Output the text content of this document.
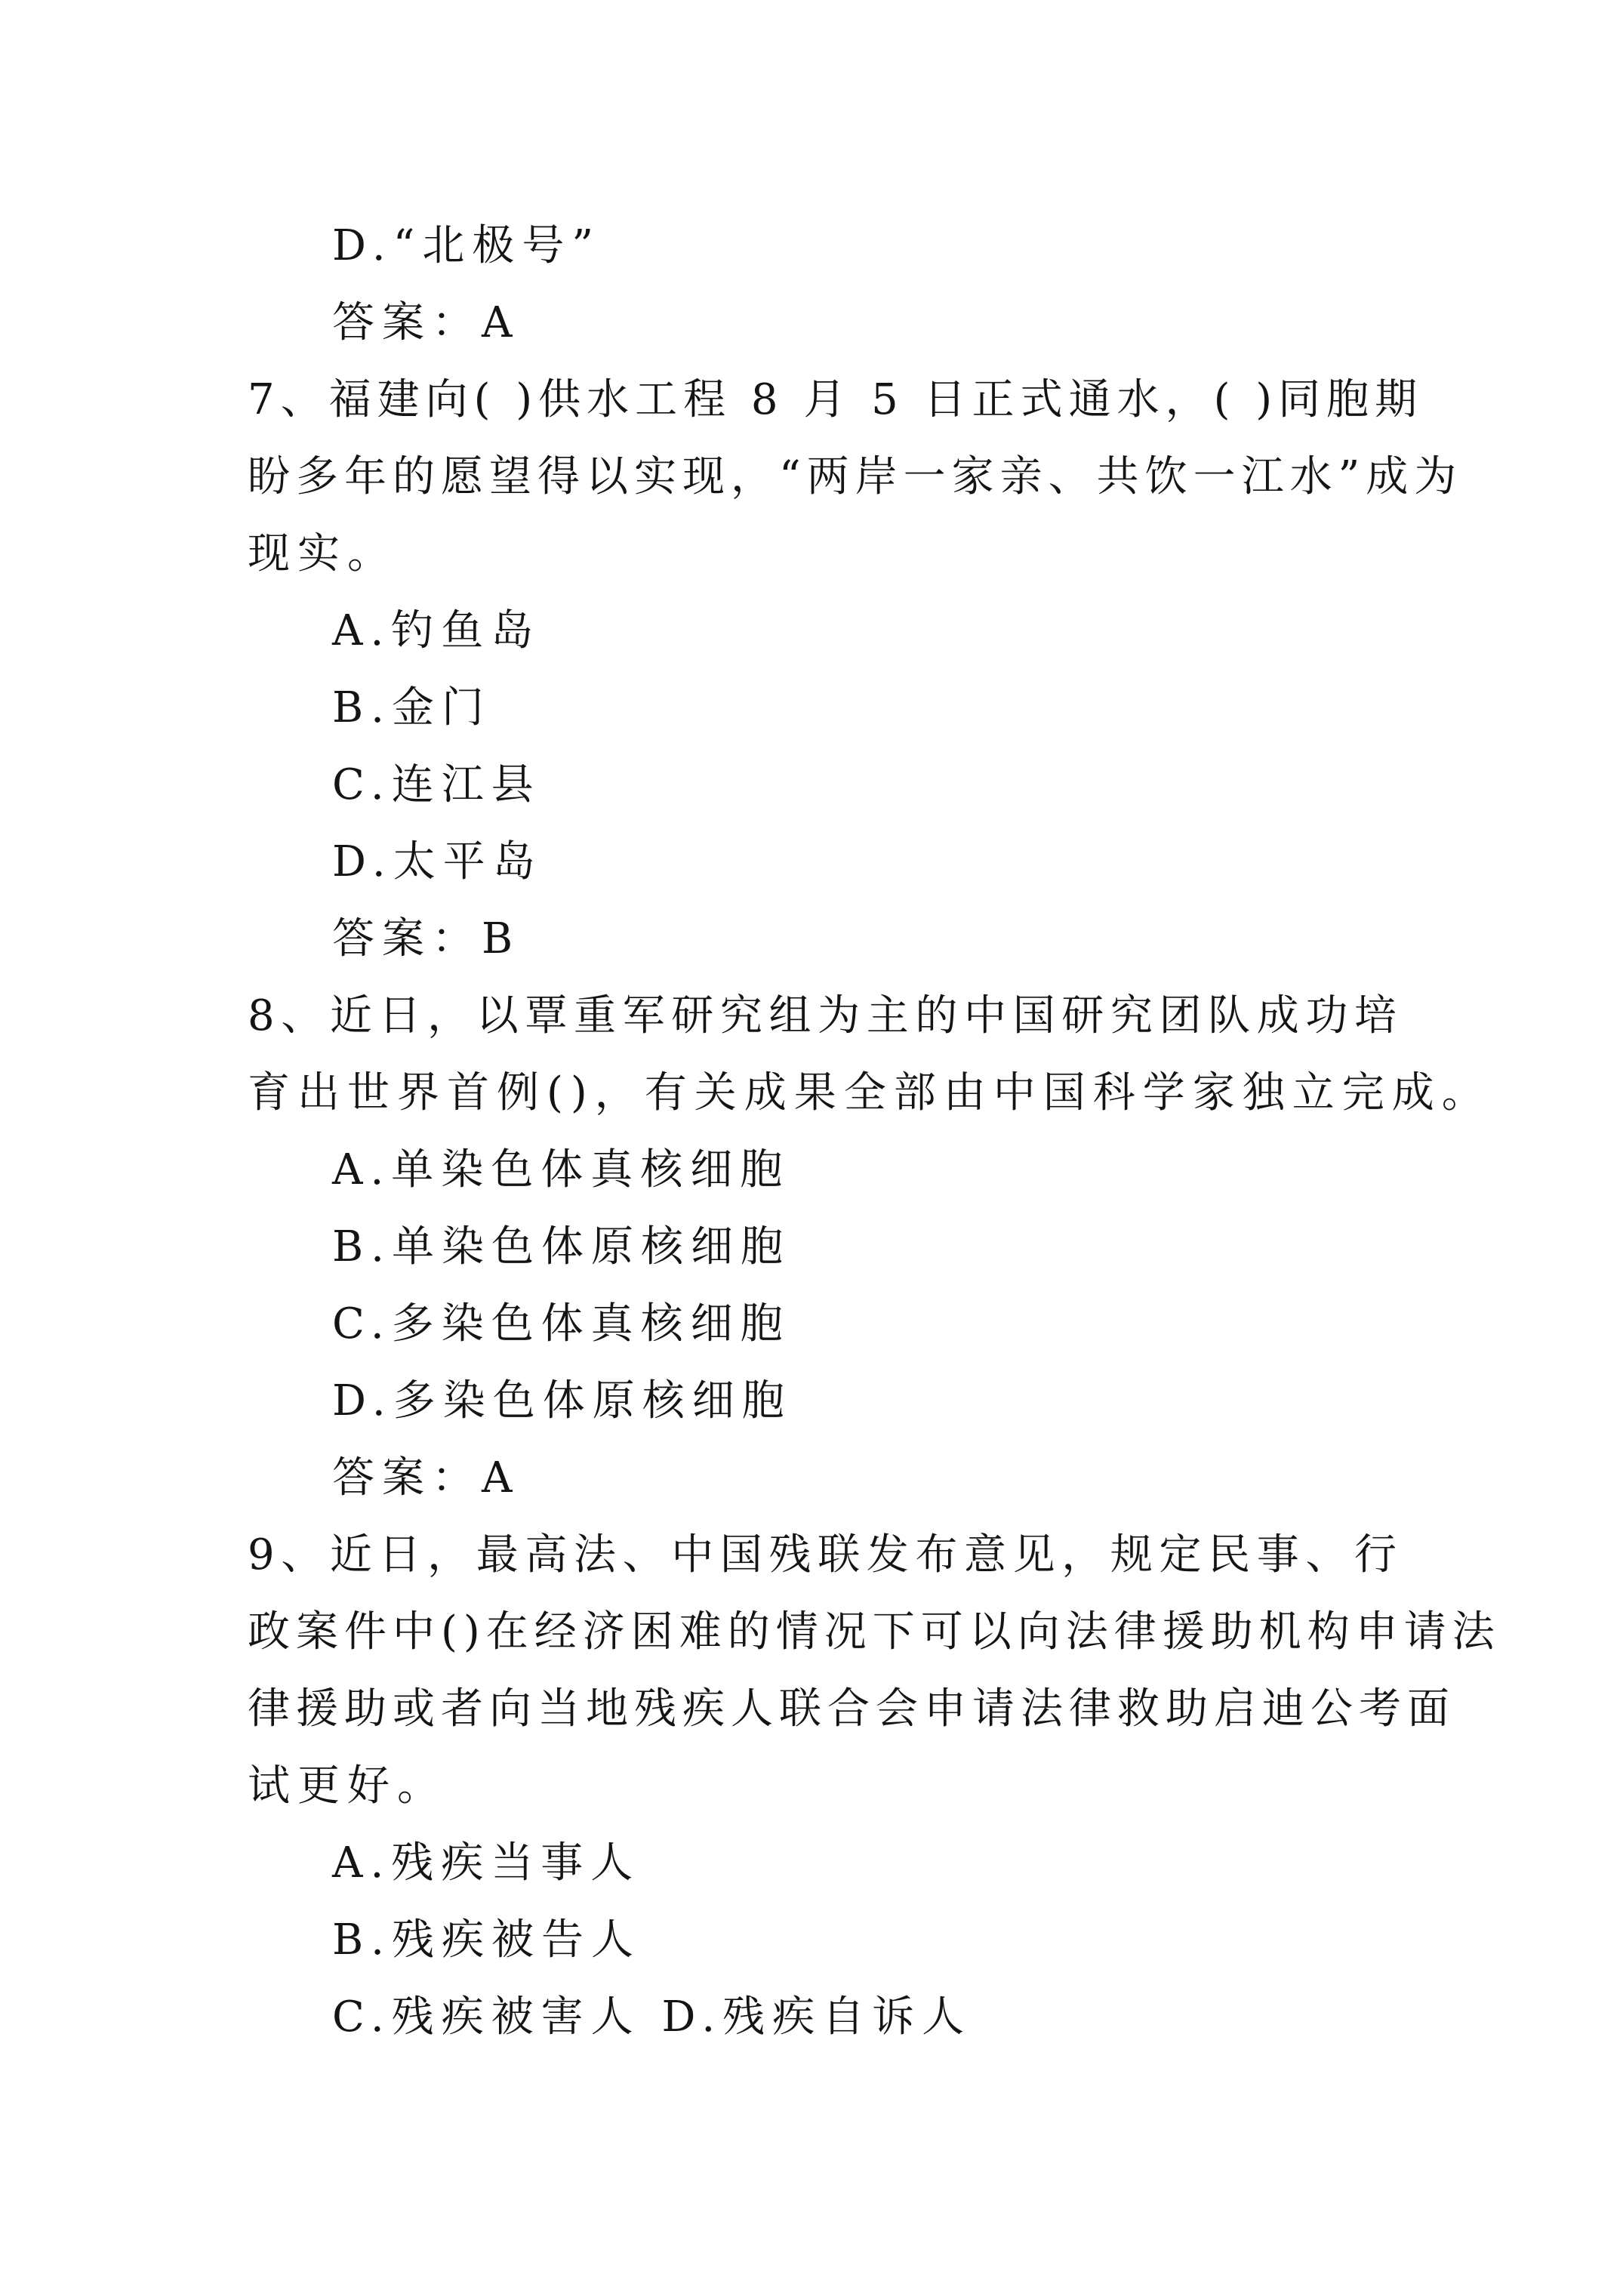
D.“北极号”

答案：A

7、福建向( )供水工程 8 月 5 日正式通水，( )同胞期

盼多年的愿望得以实现，“两岸一家亲、共饮一江水”成为

现实。

A.钓鱼岛

B.金门

C.连江县

D.太平岛

答案：B

8、近日，以覃重军研究组为主的中国研究团队成功培

育出世界首例()，有关成果全部由中国科学家独立完成。

A.单染色体真核细胞

B.单染色体原核细胞

C.多染色体真核细胞

D.多染色体原核细胞

答案：A

9、近日，最高法、中国残联发布意见，规定民事、行

政案件中()在经济困难的情况下可以向法律援助机构申请法

律援助或者向当地残疾人联合会申请法律救助启迪公考面

试更好。

A.残疾当事人

B.残疾被告人

C.残疾被害人 D.残疾自诉人
